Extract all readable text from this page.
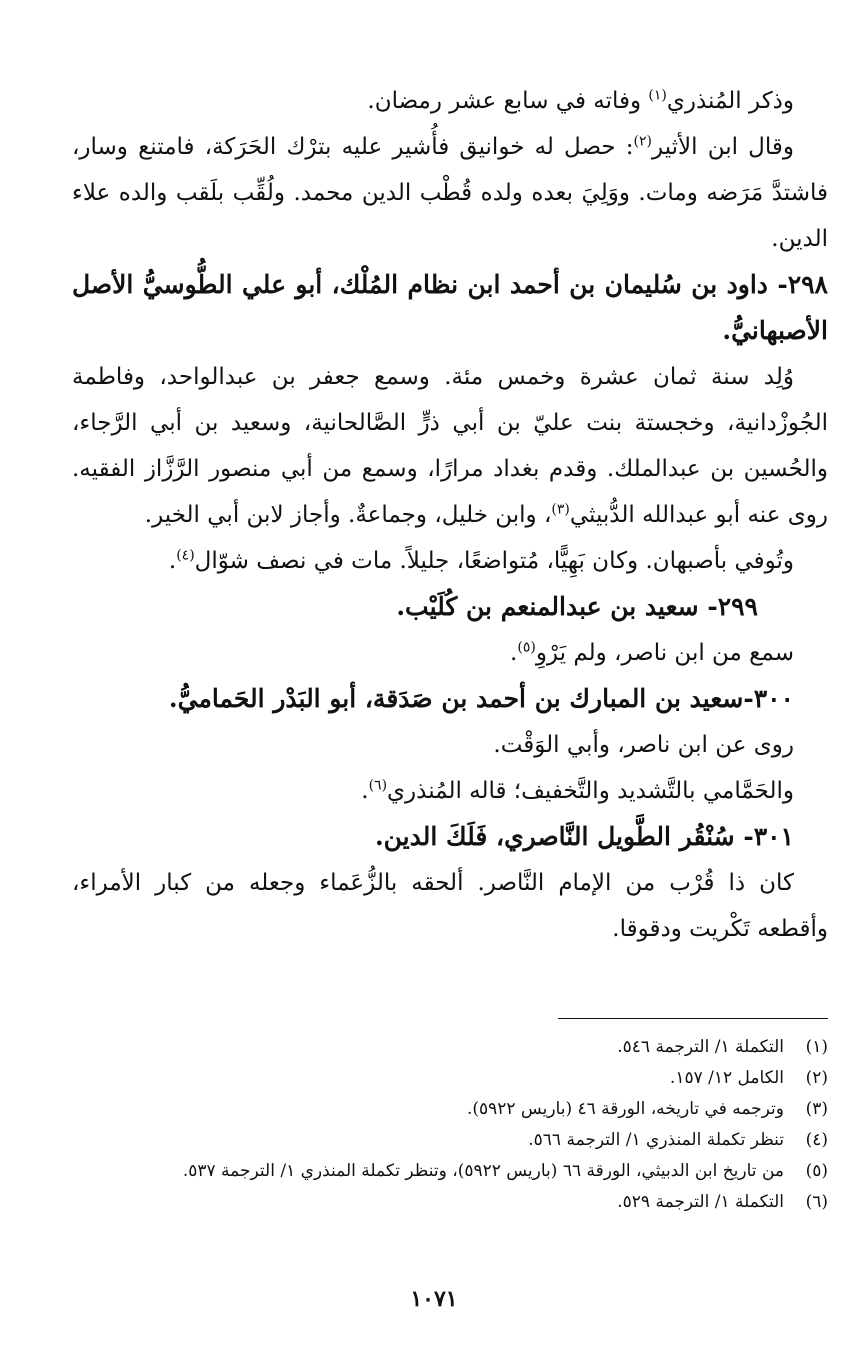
وذكر المُنذري$^{(١)}$ وفاته في سابع عشر رمضان.

وقال ابن الأثير$^{(٢)}$: حصل له خوانيق فأُشير عليه بترْك الحَرَكة، فامتنع وسار، فاشتدَّ مَرَضه ومات. ووَلِيَ بعده ولده قُطْب الدين محمد. ولُقِّب بلَقب والده علاء الدين.

٢٩٨- داود بن سُليمان بن أحمد ابن نظام المُلْك، أبو علي الطُّوسيُّ الأصل الأصبهانيُّ.

وُلِد سنة ثمان عشرة وخمس مئة. وسمع جعفر بن عبدالواحد، وفاطمة الجُوزْدانية، وخجستة بنت عليّ بن أبي ذرٍّ الصَّالحانية، وسعيد بن أبي الرَّجاء، والحُسين بن عبدالملك. وقدم بغداد مرارًا، وسمع من أبي منصور الرَّزَّاز الفقيه. روى عنه أبو عبدالله الدُّبيثي$^{(٣)}$، وابن خليل، وجماعةٌ. وأجاز لابن أبي الخير.

وتُوفي بأصبهان. وكان بَهِيًّا، مُتواضعًا، جليلاً. مات في نصف شوّال$^{(٤)}$.

٢٩٩- سعيد بن عبدالمنعم بن كُلَيْب.

سمع من ابن ناصر، ولم يَرْوِ$^{(٥)}$.

٣٠٠-سعيد بن المبارك بن أحمد بن صَدَقة، أبو البَدْر الحَماميُّ.

روى عن ابن ناصر، وأبي الوَقْت.

والحَمَّامي بالتَّشديد والتَّخفيف؛ قاله المُنذري$^{(٦)}$.

٣٠١- سُنْقُر الطَّويل النَّاصري، فَلَكَ الدين.

كان ذا قُرْب من الإمام النَّاصر. ألحقه بالزُّعَماء وجعله من كبار الأمراء، وأقطعه تَكْريت ودقوقا.

(١)
التكملة ١/ الترجمة ٥٤٦.
(٢)
الكامل ١٢/ ١٥٧.
(٣)
وترجمه في تاريخه، الورقة ٤٦ (باريس ٥٩٢٢).
(٤)
تنظر تكملة المنذري ١/ الترجمة ٥٦٦.
(٥)
من تاريخ ابن الدبيثي، الورقة ٦٦ (باريس ٥٩٢٢)، وتنظر تكملة المنذري ١/ الترجمة ٥٣٧.
(٦)
التكملة ١/ الترجمة ٥٢٩.
١٠٧١
